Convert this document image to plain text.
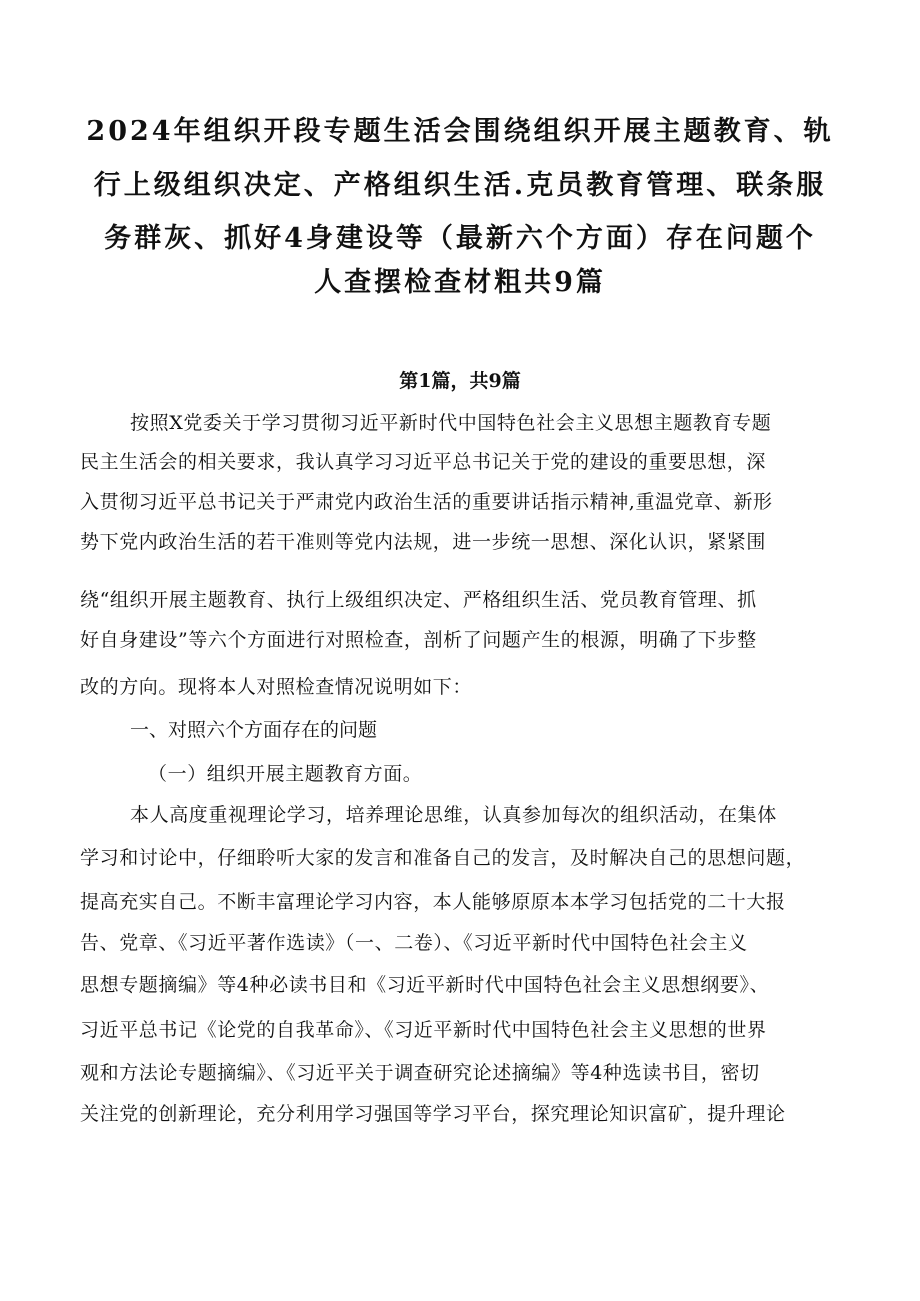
2024年组织开段专题生活会围绕组织开展主题教育、轨
行上级组织决定、产格组织生活.克员教育管理、联条服
务群灰、抓好4身建设等（最新六个方面）存在问题个
人查摆检查材粗共9篇
第1篇，共9篇
按照X党委关于学习贯彻习近平新时代中国特色社会主义思想主题教育专题
民主生活会的相关要求，我认真学习习近平总书记关于党的建设的重要思想，深
入贯彻习近平总书记关于严肃党内政治生活的重要讲话指示精神,重温党章、新形
势下党内政治生活的若干准则等党内法规，进一步统一思想、深化认识，紧紧围
绕“组织开展主题教育、执行上级组织决定、严格组织生活、党员教育管理、抓
好自身建设”等六个方面进行对照检查，剖析了问题产生的根源，明确了下步整
改的方向。现将本人对照检查情况说明如下：
一、对照六个方面存在的问题
（一）组织开展主题教育方面。
本人高度重视理论学习，培养理论思维，认真参加每次的组织活动，在集体
学习和讨论中，仔细聆听大家的发言和准备自己的发言，及时解决自己的思想问题，
提高充实自己。不断丰富理论学习内容，本人能够原原本本学习包括党的二十大报
告、党章、《习近平著作选读》（一、二卷）、《习近平新时代中国特色社会主义
思想专题摘编》等4种必读书目和《习近平新时代中国特色社会主义思想纲要》、
习近平总书记《论党的自我革命》、《习近平新时代中国特色社会主义思想的世界
观和方法论专题摘编》、《习近平关于调查研究论述摘编》等4种选读书目，密切
关注党的创新理论，充分利用学习强国等学习平台，探究理论知识富矿，提升理论
